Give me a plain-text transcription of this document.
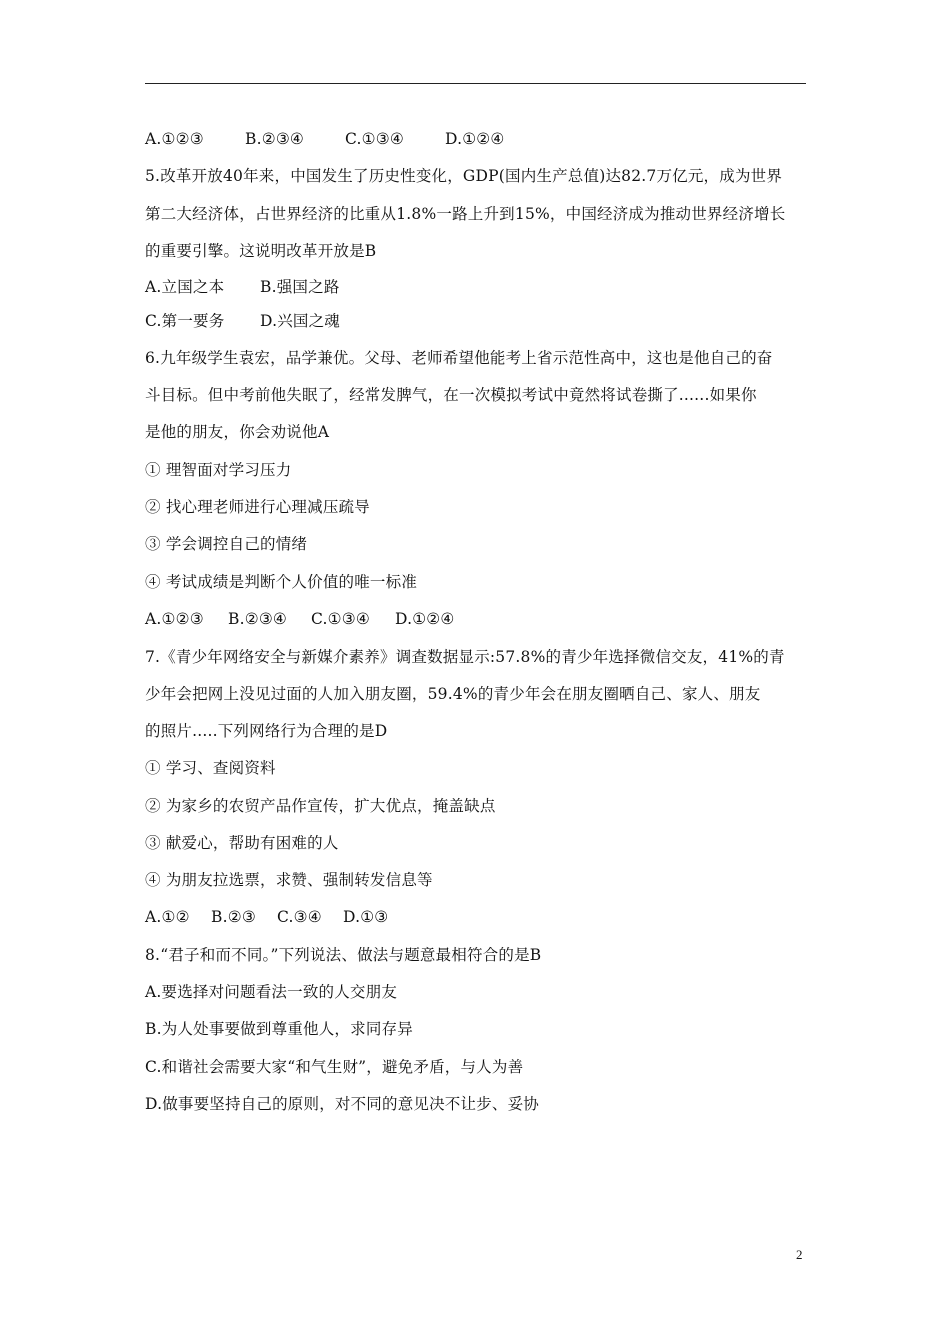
A.①②③	B.②③④	C.①③④	D.①②④
5.改革开放40年来，中国发生了历史性变化，GDP(国内生产总值)达82.7万亿元，成为世界
第二大经济体，占世界经济的比重从1.8%一路上升到15%，中国经济成为推动世界经济增长
的重要引擎。这说明改革开放是B
A.立国之本 B.强国之路
C.第一要务 D.兴国之魂
6.九年级学生袁宏，品学兼优。父母、老师希望他能考上省示范性高中，这也是他自己的奋
斗目标。但中考前他失眠了，经常发脾气，在一次模拟考试中竟然将试卷撕了......如果你
是他的朋友，你会劝说他A
① 理智面对学习压力
② 找心理老师进行心理减压疏导
③ 学会调控自己的情绪
④ 考试成绩是判断个人价值的唯一标准
A.①②③ B.②③④ C.①③④ D.①②④
7.《青少年网络安全与新媒介素养》调查数据显示:57.8%的青少年选择微信交友，41%的青
少年会把网上没见过面的人加入朋友圈，59.4%的青少年会在朋友圈晒自己、家人、朋友
的照片.....下列网络行为合理的是D
① 学习、查阅资料
② 为家乡的农贸产品作宣传，扩大优点，掩盖缺点
③ 献爱心，帮助有困难的人
④ 为朋友拉选票，求赞、强制转发信息等
A.①② B.②③ C.③④ D.①③
8.“君子和而不同。”下列说法、做法与题意最相符合的是B
A.要选择对问题看法一致的人交朋友
B.为人处事要做到尊重他人，求同存异
C.和谐社会需要大家“和气生财”，避免矛盾，与人为善
D.做事要坚持自己的原则，对不同的意见决不让步、妥协
2
